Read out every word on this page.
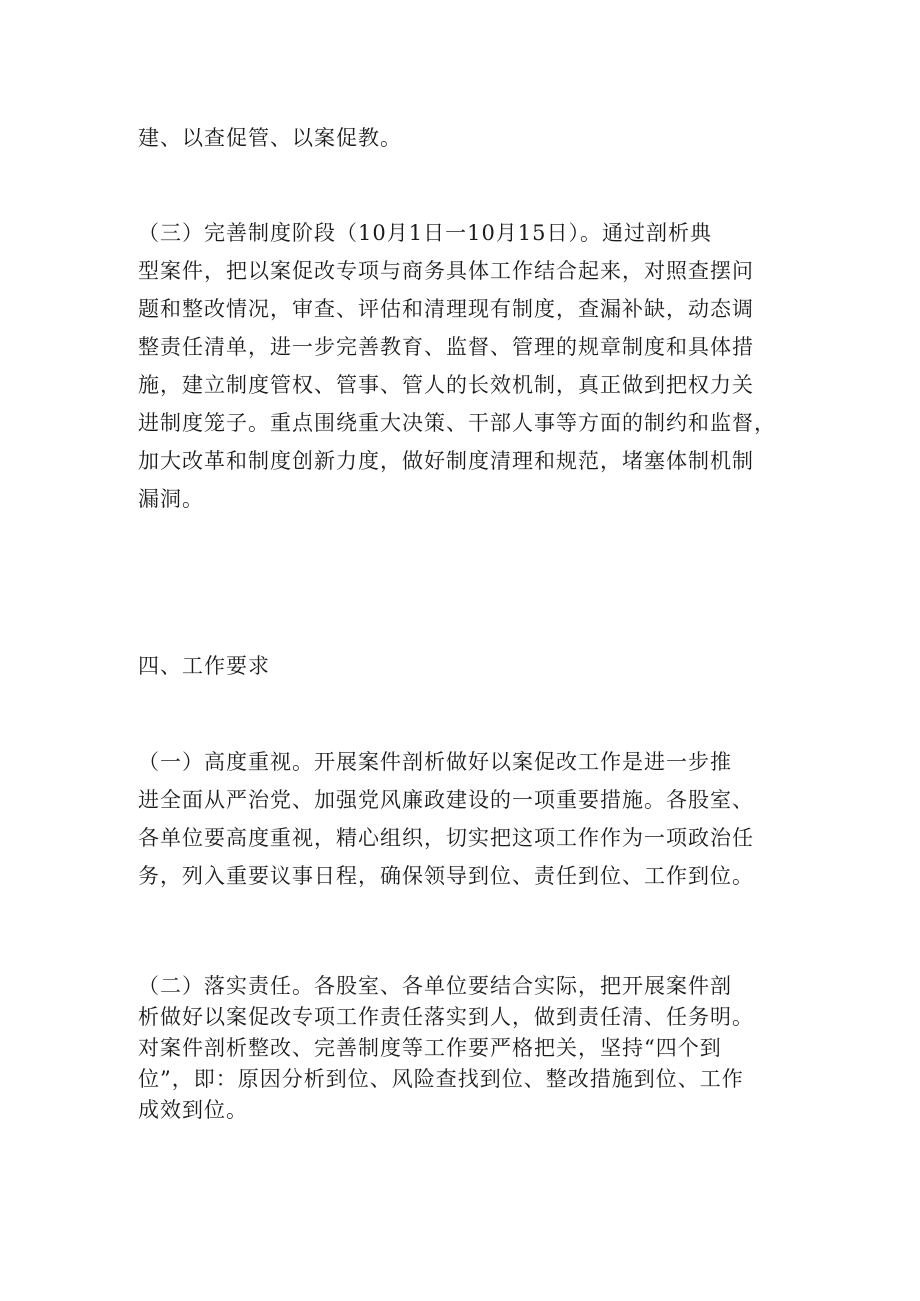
建、以查促管、以案促教。
（三）完善制度阶段（10月1日一10月15日）。通过剖析典
型案件，把以案促改专项与商务具体工作结合起来，对照查摆问
题和整改情况，审查、评估和清理现有制度，查漏补缺，动态调
整责任清单，进一步完善教育、监督、管理的规章制度和具体措
施，建立制度管权、管事、管人的长效机制，真正做到把权力关
进制度笼子。重点围绕重大决策、干部人事等方面的制约和监督，
加大改革和制度创新力度，做好制度清理和规范，堵塞体制机制
漏洞。
四、工作要求
（一）高度重视。开展案件剖析做好以案促改工作是进一步推
进全面从严治党、加强党风廉政建设的一项重要措施。各股室、
各单位要高度重视，精心组织，切实把这项工作作为一项政治任
务，列入重要议事日程，确保领导到位、责任到位、工作到位。
（二）落实责任。各股室、各单位要结合实际，把开展案件剖
析做好以案促改专项工作责任落实到人，做到责任清、任务明。
对案件剖析整改、完善制度等工作要严格把关，坚持“四个到
位”，即：原因分析到位、风险查找到位、整改措施到位、工作
成效到位。
